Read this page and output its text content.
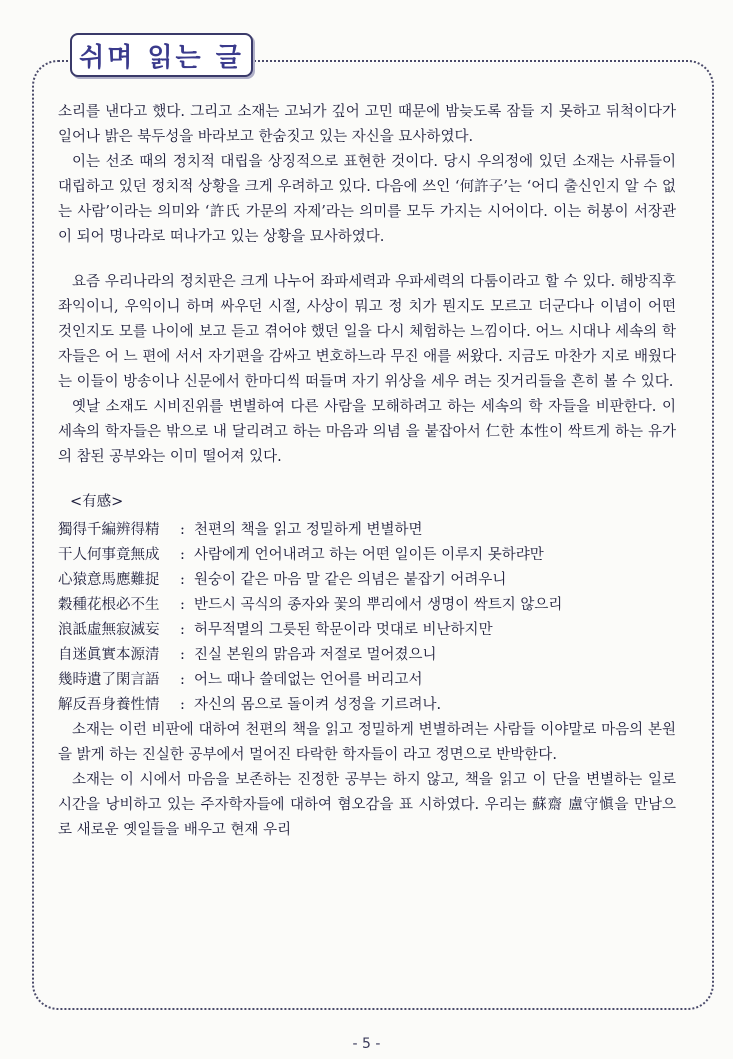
쉬며 읽는 글

소리를 낸다고 했다. 그리고 소재는 고뇌가 깊어 고민 때문에 밤늦도록 잠들 지 못하고 뒤척이다가 일어나 밝은 북두성을 바라보고 한숨짓고 있는 자신을 묘사하였다.

이는 선조 때의 정치적 대립을 상징적으로 표현한 것이다. 당시 우의정에 있던 소재는 사류들이 대립하고 있던 정치적 상황을 크게 우려하고 있다. 다음에 쓰인 ‘何許子’는 ‘어디 출신인지 알 수 없는 사람’이라는 의미와 ‘許氏 가문의 자제’라는 의미를 모두 가지는 시어이다. 이는 허봉이 서장관 이 되어 명나라로 떠나가고 있는 상황을 묘사하였다.

요즘 우리나라의 정치판은 크게 나누어 좌파세력과 우파세력의 다툼이라고 할 수 있다. 해방직후 좌익이니, 우익이니 하며 싸우던 시절, 사상이 뭐고 정 치가 뭔지도 모르고 더군다나 이념이 어떤 것인지도 모를 나이에 보고 듣고 겪어야 했던 일을 다시 체험하는 느낌이다. 어느 시대나 세속의 학자들은 어 느 편에 서서 자기편을 감싸고 변호하느라 무진 애를 써왔다. 지금도 마찬가 지로 배웠다는 이들이 방송이나 신문에서 한마디씩 떠들며 자기 위상을 세우 려는 짓거리들을 흔히 볼 수 있다.

옛날 소재도 시비진위를 변별하여 다른 사람을 모해하려고 하는 세속의 학 자들을 비판한다. 이 세속의 학자들은 밖으로 내 달리려고 하는 마음과 의념 을 붙잡아서 仁한 本性이 싹트게 하는 유가의 참된 공부와는 이미 떨어져 있다.

<有感>

獨得千編辨得精	: 천편의 책을 읽고 정밀하게 변별하면
干人何事竟無成	: 사람에게 언어내려고 하는 어떤 일이든 이루지 못하랴만
心猿意馬應難捉	: 원숭이 같은 마음 말 같은 의념은 붙잡기 어려우니
穀種花根必不生	: 반드시 곡식의 종자와 꽃의 뿌리에서 생명이 싹트지 않으리
浪詆虛無寂滅妄	: 허무적멸의 그릇된 학문이라 멋대로 비난하지만
自迷眞實本源清	: 진실 본원의 맑음과 저절로 멀어졌으니
幾時遺了閑言語	: 어느 때나 쓸데없는 언어를 버리고서
解反吾身養性情	: 자신의 몸으로 돌이켜 성정을 기르려나.

소재는 이런 비판에 대하여 천편의 책을 읽고 정밀하게 변별하려는 사람들 이야말로 마음의 본원을 밝게 하는 진실한 공부에서 멀어진 타락한 학자들이 라고 정면으로 반박한다.

소재는 이 시에서 마음을 보존하는 진정한 공부는 하지 않고, 책을 읽고 이 단을 변별하는 일로 시간을 낭비하고 있는 주자학자들에 대하여 혐오감을 표 시하였다. 우리는 蘇齋 盧守愼을 만남으로 새로운 옛일들을 배우고 현재 우리

- 5 -
